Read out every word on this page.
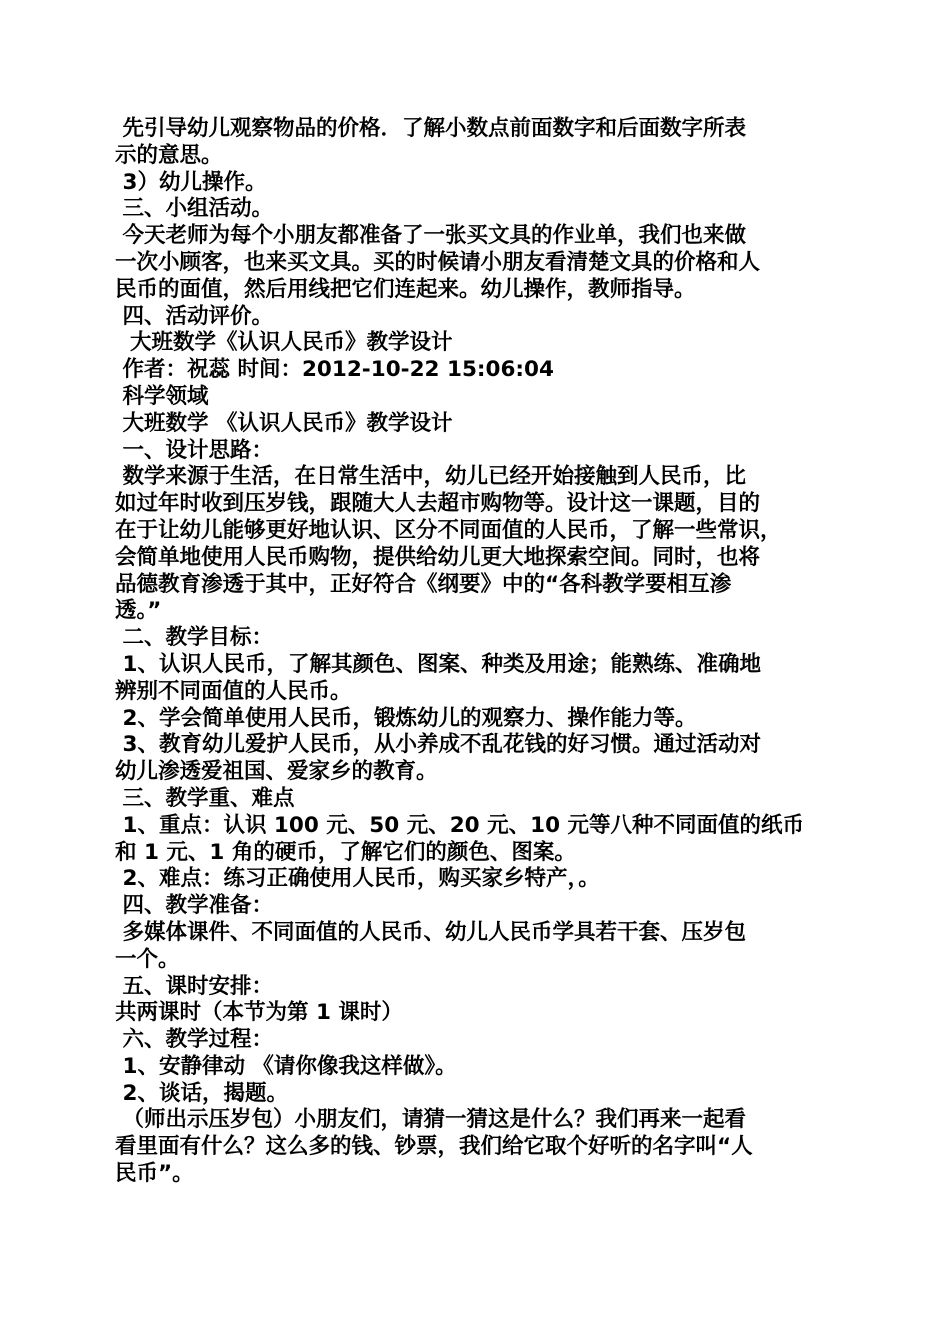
先引导幼儿观察物品的价格．了解小数点前面数字和后面数字所表
示的意思。
3）幼儿操作。
三、小组活动。
今天老师为每个小朋友都准备了一张买文具的作业单，我们也来做
一次小顾客，也来买文具。买的时候请小朋友看清楚文具的价格和人
民币的面值，然后用线把它们连起来。幼儿操作，教师指导。
四、活动评价。
大班数学《认识人民币》教学设计
作者：祝蕊 时间：2012-10-22 15:06:04
科学领域
大班数学 《认识人民币》教学设计
一、设计思路：
数学来源于生活，在日常生活中，幼儿已经开始接触到人民币，比
如过年时收到压岁钱，跟随大人去超市购物等。设计这一课题，目的
在于让幼儿能够更好地认识、区分不同面值的人民币，了解一些常识，
会简单地使用人民币购物，提供给幼儿更大地探索空间。同时，也将
品德教育渗透于其中，正好符合《纲要》中的“各科教学要相互渗
透。”
二、教学目标：
1、认识人民币，了解其颜色、图案、种类及用途；能熟练、准确地
辨别不同面值的人民币。
2、学会简单使用人民币，锻炼幼儿的观察力、操作能力等。
3、教育幼儿爱护人民币，从小养成不乱花钱的好习惯。通过活动对
幼儿渗透爱祖国、爱家乡的教育。
三、教学重、难点
1、重点：认识 100 元、50 元、20 元、10 元等八种不同面值的纸币
和 1 元、1 角的硬币，了解它们的颜色、图案。
2、难点：练习正确使用人民币，购买家乡特产，。
四、教学准备：
多媒体课件、不同面值的人民币、幼儿人民币学具若干套、压岁包
一个。
五、课时安排：
共两课时（本节为第 1 课时）
六、教学过程：
1、安静律动 《请你像我这样做》。
2、谈话，揭题。
（师出示压岁包）小朋友们，请猜一猜这是什么？我们再来一起看
看里面有什么？这么多的钱、钞票，我们给它取个好听的名字叫“人
民币”。
